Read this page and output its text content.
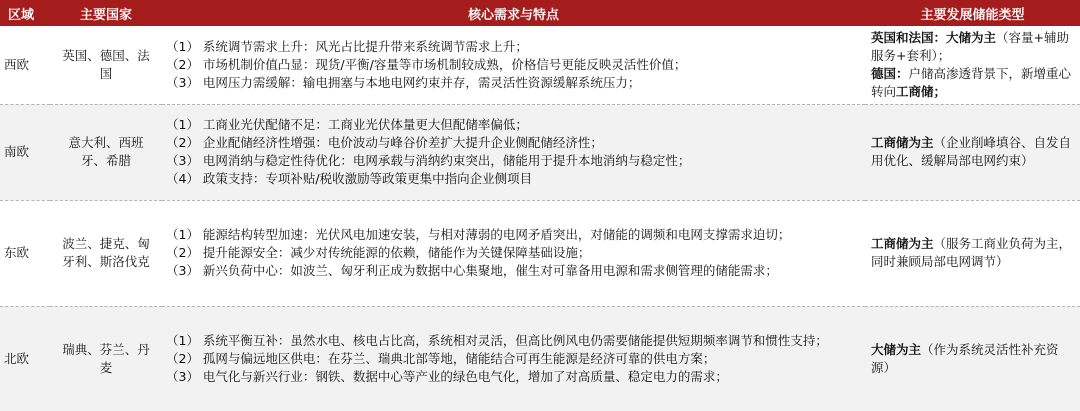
区域	主要国家	核心需求与特点	主要发展储能类型
西欧	英国、德国、法国	（1） 系统调节需求上升：风光占比提升带来系统调节需求上升；
（2） 市场机制价值凸显：现货/平衡/容量等市场机制较成熟，价格信号更能反映灵活性价值；
（3） 电网压力需缓解：输电拥塞与本地电网约束并存，需灵活性资源缓解系统压力；	英国和法国：大储为主（容量+辅助服务+套利）；
德国：户储高渗透背景下，新增重心转向工商储；

南欧	意大利、西班牙、希腊	（1） 工商业光伏配储不足：工商业光伏体量更大但配储率偏低；
（2） 企业配储经济性增强：电价波动与峰谷价差扩大提升企业侧配储经济性；
（3） 电网消纳与稳定性待优化：电网承载与消纳约束突出，储能用于提升本地消纳与稳定性；
（4） 政策支持：专项补贴/税收激励等政策更集中指向企业侧项目	工商储为主（企业削峰填谷、自发自用优化、缓解局部电网约束）

东欧	波兰、捷克、匈牙利、斯洛伐克	（1） 能源结构转型加速：光伏风电加速安装，与相对薄弱的电网矛盾突出，对储能的调频和电网支撑需求迫切；
（2） 提升能源安全：减少对传统能源的依赖，储能作为关键保障基础设施；
（3） 新兴负荷中心：如波兰、匈牙利正成为数据中心集聚地，催生对可靠备用电源和需求侧管理的储能需求；	工商储为主（服务工商业负荷为主，同时兼顾局部电网调节）

北欧	瑞典、芬兰、丹麦	（1） 系统平衡互补：虽然水电、核电占比高，系统相对灵活，但高比例风电仍需要储能提供短期频率调节和惯性支持；
（2） 孤网与偏远地区供电：在芬兰、瑞典北部等地，储能结合可再生能源是经济可靠的供电方案；
（3） 电气化与新兴行业：钢铁、数据中心等产业的绿色电气化，增加了对高质量、稳定电力的需求；	大储为主（作为系统灵活性补充资源）
